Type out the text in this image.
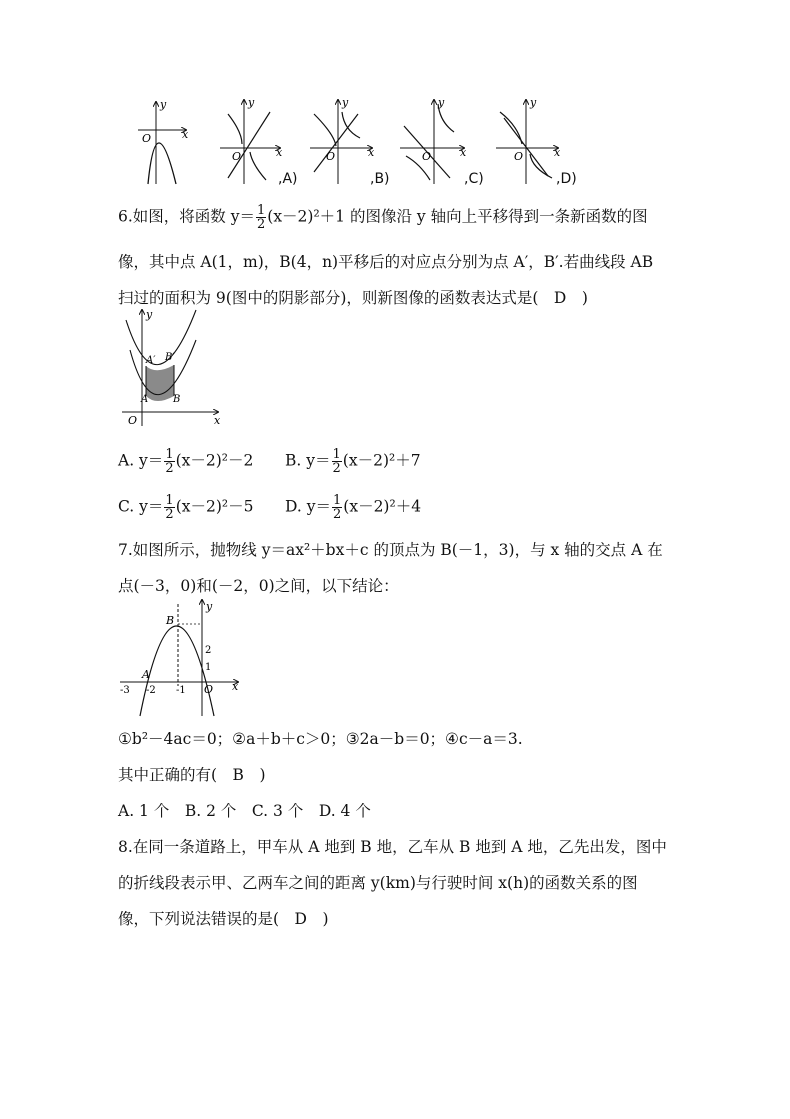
y
x
O
y
x
O
y
x
O
y
x
O
y
x
O
,A)	,B)	,C)	,D)
6.如图，将函数 $y= \frac{1}{2} (x-2)^2+1$ 的图像沿 y 轴向上平移得到一条新函数的图
像，其中点 A(1，m)，B(4，n)平移后的对应点分别为点 A′，B′.若曲线段 AB
扫过的面积为 9(图中的阴影部分)，则新图像的函数表达式是(　D　)
y
x
O
A′ B′
A B
A. $y= \frac{1}{2} (x-2)^2-2$ B. $y= \frac{1}{2} (x-2)^2+7$
C. $y= \frac{1}{2} (x-2)^2-5$ D. $y= \frac{1}{2} (x-2)^2+4$
7.如图所示，抛物线 y＝ax²＋bx＋c 的顶点为 B(－1，3)，与 x 轴的交点 A 在
点(－3，0)和(－2，0)之间，以下结论：
y
x
O
B
A
2
1
-3 -2 -1
①b²－4ac＝0；②a＋b＋c＞0；③2a－b＝0；④c－a＝3.
其中正确的有(　B　)
A. 1 个　B. 2 个　C. 3 个　D. 4 个
8.在同一条道路上，甲车从 A 地到 B 地，乙车从 B 地到 A 地，乙先出发，图中
的折线段表示甲、乙两车之间的距离 y(km)与行驶时间 x(h)的函数关系的图
像，下列说法错误的是(　D　)
